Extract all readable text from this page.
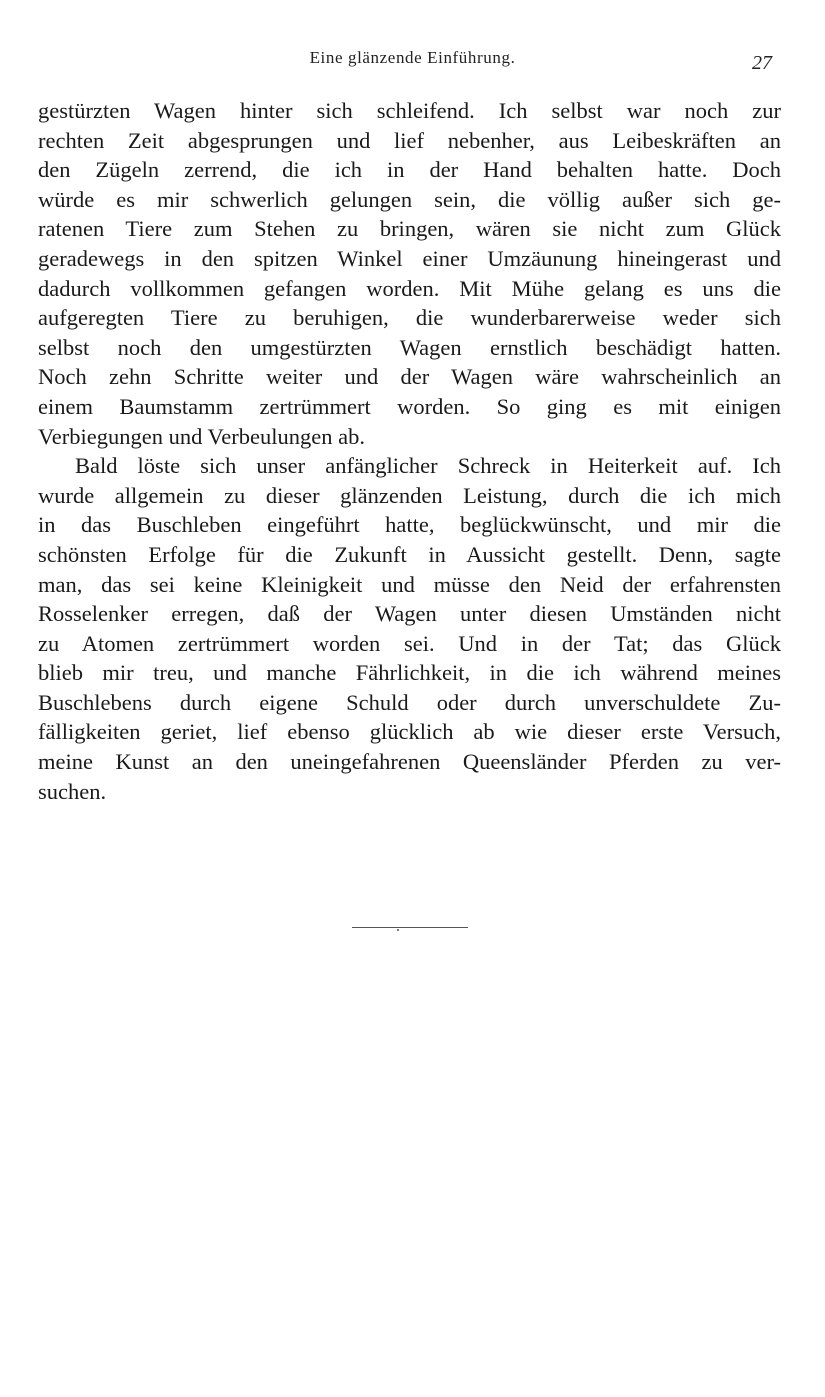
Eine glänzende Einführung.	27
gestürzten Wagen hinter sich schleifend. Ich selbst war noch zur
rechten Zeit abgesprungen und lief nebenher, aus Leibeskräften an
den Zügeln zerrend, die ich in der Hand behalten hatte. Doch
würde es mir schwerlich gelungen sein, die völlig außer sich ge-
ratenen Tiere zum Stehen zu bringen, wären sie nicht zum Glück
geradewegs in den spitzen Winkel einer Umzäunung hineingerast und
dadurch vollkommen gefangen worden. Mit Mühe gelang es uns die
aufgeregten Tiere zu beruhigen, die wunderbarerweise weder sich
selbst noch den umgestürzten Wagen ernstlich beschädigt hatten.
Noch zehn Schritte weiter und der Wagen wäre wahrscheinlich an
einem Baumstamm zertrümmert worden. So ging es mit einigen
Verbiegungen und Verbeulungen ab.
Bald löste sich unser anfänglicher Schreck in Heiterkeit auf. Ich
wurde allgemein zu dieser glänzenden Leistung, durch die ich mich
in das Buschleben eingeführt hatte, beglückwünscht, und mir die
schönsten Erfolge für die Zukunft in Aussicht gestellt. Denn, sagte
man, das sei keine Kleinigkeit und müsse den Neid der erfahrensten
Rosselenker erregen, daß der Wagen unter diesen Umständen nicht
zu Atomen zertrümmert worden sei. Und in der Tat; das Glück
blieb mir treu, und manche Fährlichkeit, in die ich während meines
Buschlebens durch eigene Schuld oder durch unverschuldete Zu-
fälligkeiten geriet, lief ebenso glücklich ab wie dieser erste Versuch,
meine Kunst an den uneingefahrenen Queensländer Pferden zu ver-
suchen.
